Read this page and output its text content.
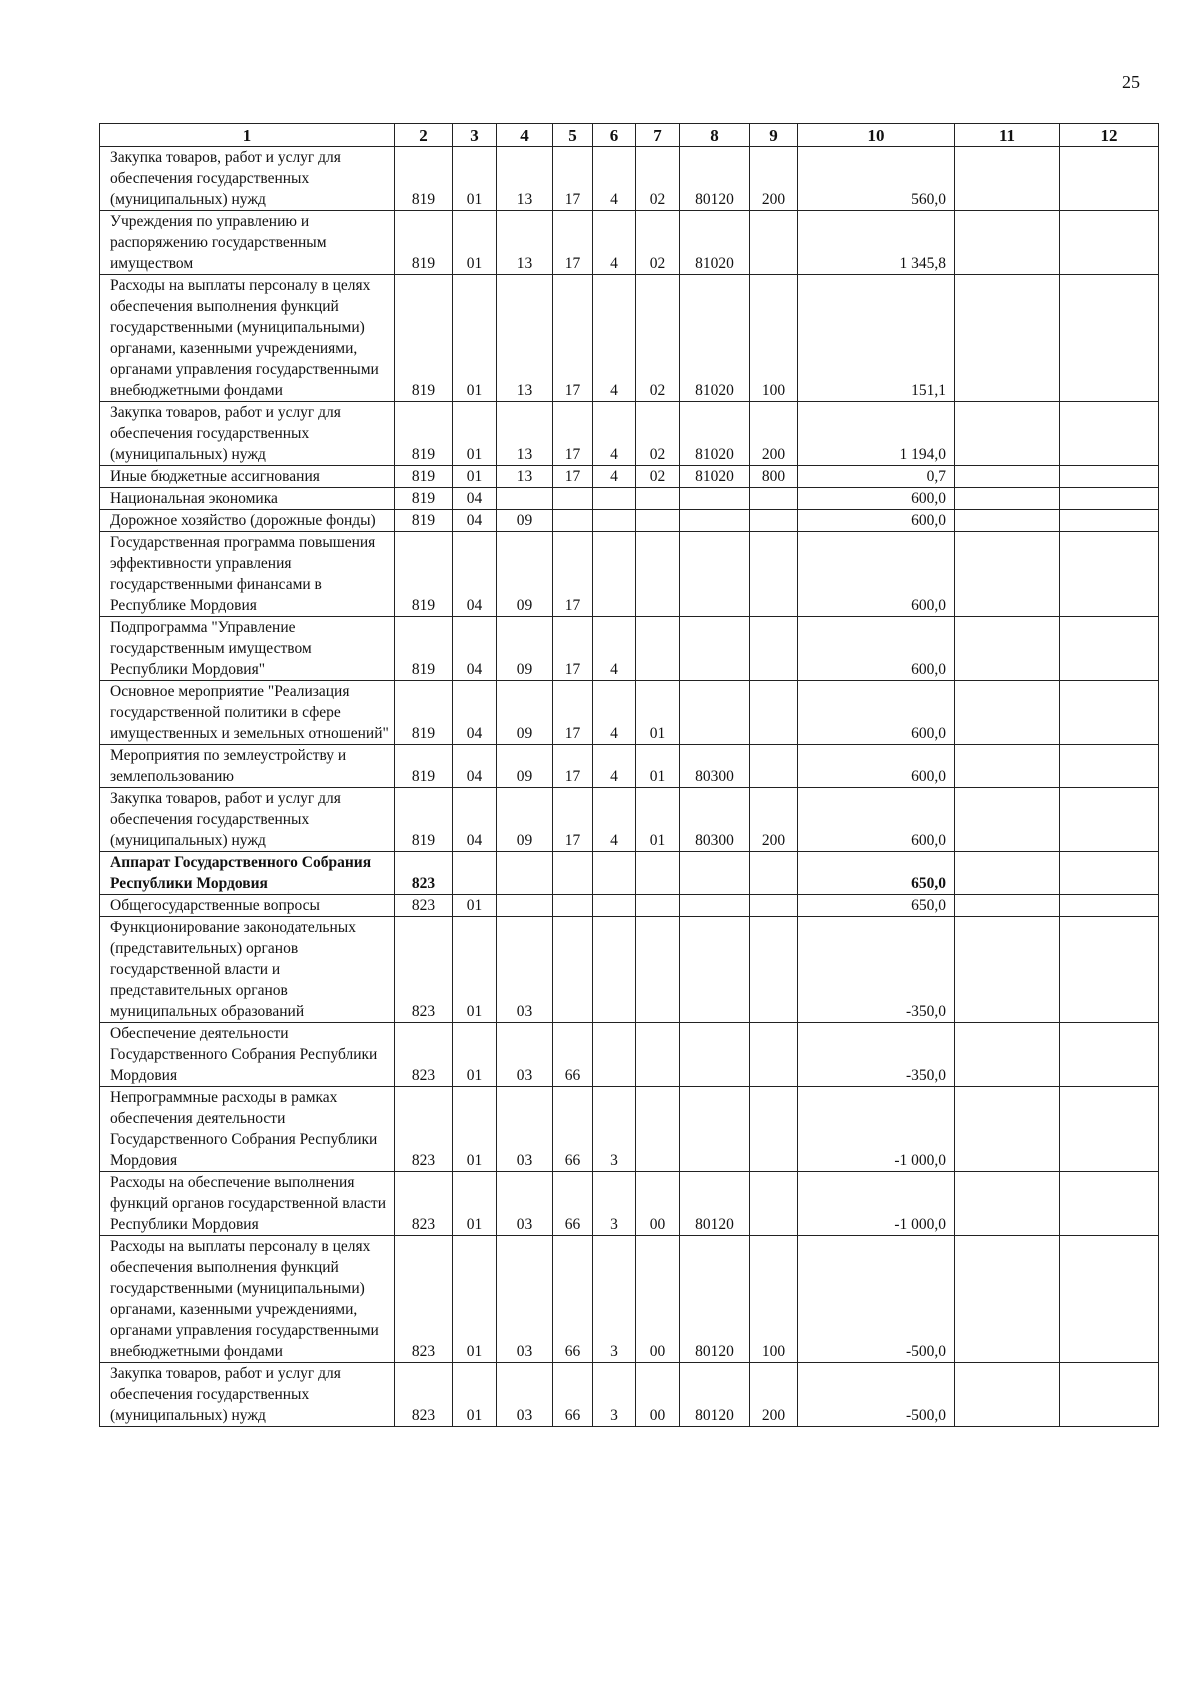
25
1	2	3	4	5	6	7	8	9	10	11	12
Закупка товаров, работ и услуг для обеспечения государственных (муниципальных) нужд	819	01	13	17	4	02	80120	200	560,0		
Учреждения по управлению и распоряжению государственным имуществом	819	01	13	17	4	02	81020		1 345,8		
Расходы на выплаты персоналу в целях обеспечения выполнения функций государственными (муниципальными) органами, казенными учреждениями, органами управления государственными внебюджетными фондами	819	01	13	17	4	02	81020	100	151,1		
Закупка товаров, работ и услуг для обеспечения государственных (муниципальных) нужд	819	01	13	17	4	02	81020	200	1 194,0		
Иные бюджетные ассигнования	819	01	13	17	4	02	81020	800	0,7		
Национальная экономика	819	04							600,0		
Дорожное хозяйство (дорожные фонды)	819	04	09						600,0		
Государственная программа повышения эффективности управления государственными финансами в Республике Мордовия	819	04	09	17					600,0		
Подпрограмма "Управление государственным имуществом Республики Мордовия"	819	04	09	17	4				600,0		
Основное мероприятие "Реализация государственной политики в сфере имущественных и земельных отношений"	819	04	09	17	4	01			600,0		
Мероприятия по землеустройству и землепользованию	819	04	09	17	4	01	80300		600,0		
Закупка товаров, работ и услуг для обеспечения государственных (муниципальных) нужд	819	04	09	17	4	01	80300	200	600,0		
Аппарат Государственного Собрания Республики Мордовия	823								650,0		
Общегосударственные вопросы	823	01							650,0		
Функционирование законодательных (представительных) органов государственной власти и представительных органов муниципальных образований	823	01	03						-350,0		
Обеспечение деятельности Государственного Собрания Республики Мордовия	823	01	03	66					-350,0		
Непрограммные расходы в рамках обеспечения деятельности Государственного Собрания Республики Мордовия	823	01	03	66	3				-1 000,0		
Расходы на обеспечение выполнения функций органов государственной власти Республики Мордовия	823	01	03	66	3	00	80120		-1 000,0		
Расходы на выплаты персоналу в целях обеспечения выполнения функций государственными (муниципальными) органами, казенными учреждениями, органами управления государственными внебюджетными фондами	823	01	03	66	3	00	80120	100	-500,0		
Закупка товаров, работ и услуг для обеспечения государственных (муниципальных) нужд	823	01	03	66	3	00	80120	200	-500,0		
